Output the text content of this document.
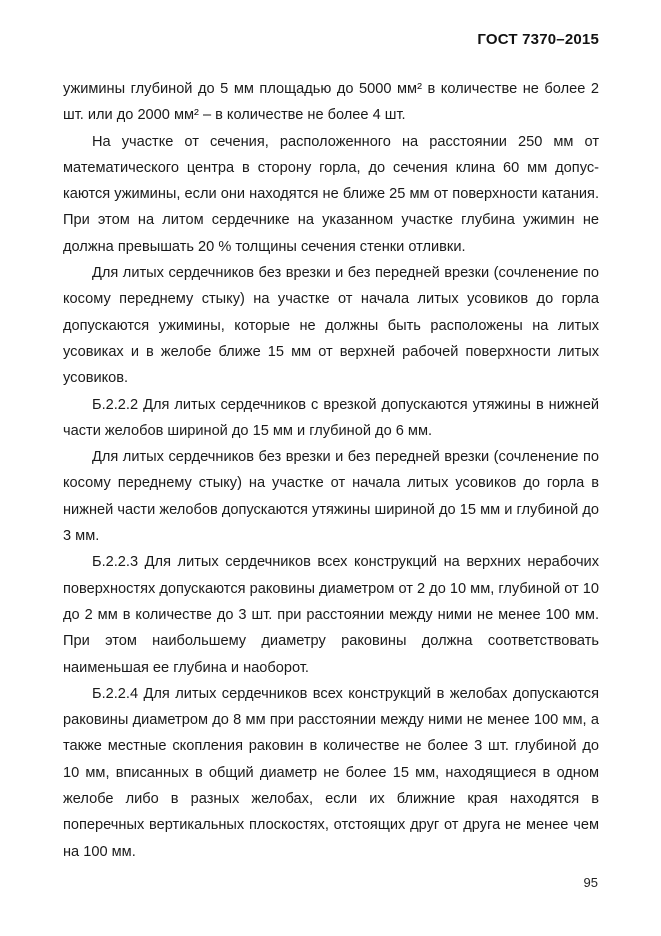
ГОСТ 7370–2015

ужимины глубиной до 5 мм площадью до 5000 мм² в количестве не более 2 шт. или до 2000 мм² – в количестве не более 4 шт.

На участке от сечения, расположенного на расстоянии 250 мм от математического центра в сторону горла, до сечения клина 60 мм допускаются ужимины, если они находятся не ближе 25 мм от поверхности катания. При этом на литом сердечнике на указанном участке глубина ужимин не должна превышать 20 % толщины сечения стенки отливки.

Для литых сердечников без врезки и без передней врезки (сочленение по косому переднему стыку) на участке от начала литых усовиков до горла допускаются ужимины, которые не должны быть расположены на литых усовиках и в желобе ближе 15 мм от верхней рабочей поверхности литых усовиков.

Б.2.2.2 Для литых сердечников с врезкой допускаются утяжины в нижней части желобов шириной до 15 мм и глубиной до 6 мм.

Для литых сердечников без врезки и без передней врезки (сочленение по косому переднему стыку) на участке от начала литых усовиков до горла в нижней части желобов допускаются утяжины шириной до 15 мм и глубиной до 3 мм.

Б.2.2.3 Для литых сердечников всех конструкций на верхних нерабочих поверхностях допускаются раковины диаметром от 2 до 10 мм, глубиной от 10 до 2 мм в количестве до 3 шт. при расстоянии между ними не менее 100 мм. При этом наибольшему диаметру раковины должна соответствовать наименьшая ее глубина и наоборот.

Б.2.2.4 Для литых сердечников всех конструкций в желобах допускаются раковины диаметром до 8 мм при расстоянии между ними не менее 100 мм, а также местные скопления раковин в количестве не более 3 шт. глубиной до 10 мм, вписанных в общий диаметр не более 15 мм, находящиеся в одном желобе либо в разных желобах, если их ближние края находятся в поперечных вертикальных плоскостях, отстоящих друг от друга не менее чем на 100 мм.

95
